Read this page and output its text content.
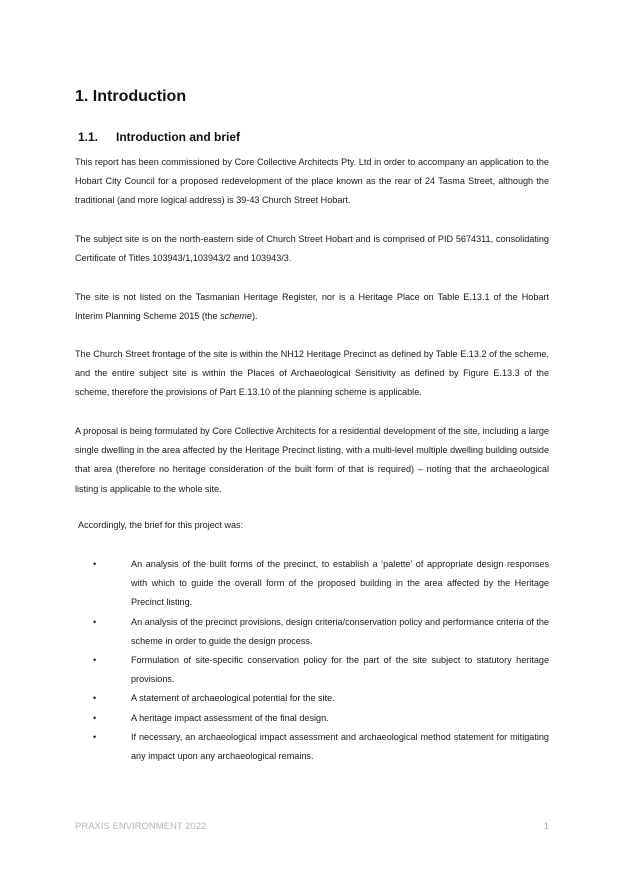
1. Introduction
1.1. Introduction and brief

This report has been commissioned by Core Collective Architects Pty. Ltd in order to accompany an application to the Hobart City Council for a proposed redevelopment of the place known as the rear of 24 Tasma Street, although the traditional (and more logical address) is 39-43 Church Street Hobart.

The subject site is on the north-eastern side of Church Street Hobart and is comprised of PID 5674311, consolidating Certificate of Titles 103943/1,103943/2 and 103943/3.

The site is not listed on the Tasmanian Heritage Register, nor is a Heritage Place on Table E.13.1 of the Hobart Interim Planning Scheme 2015 (the scheme).

The Church Street frontage of the site is within the NH12 Heritage Precinct as defined by Table E.13.2 of the scheme, and the entire subject site is within the Places of Archaeological Sensitivity as defined by Figure E.13.3 of the scheme, therefore the provisions of Part E.13.10 of the planning scheme is applicable.

A proposal is being formulated by Core Collective Architects for a residential development of the site, including a large single dwelling in the area affected by the Heritage Precinct listing, with a multi-level multiple dwelling building outside that area (therefore no heritage consideration of the built form of that is required) – noting that the archaeological listing is applicable to the whole site.

Accordingly, the brief for this project was:

•	An analysis of the built forms of the precinct, to establish a ‘palette’ of appropriate design responses with which to guide the overall form of the proposed building in the area affected by the Heritage Precinct listing.
•	An analysis of the precinct provisions, design criteria/conservation policy and performance criteria of the scheme in order to guide the design process.
•	Formulation of site-specific conservation policy for the part of the site subject to statutory heritage provisions.
•	A statement of archaeological potential for the site.
•	A heritage impact assessment of the final design.
•	If necessary, an archaeological impact assessment and archaeological method statement for mitigating any impact upon any archaeological remains.
PRAXIS ENVIRONMENT 2022	1
